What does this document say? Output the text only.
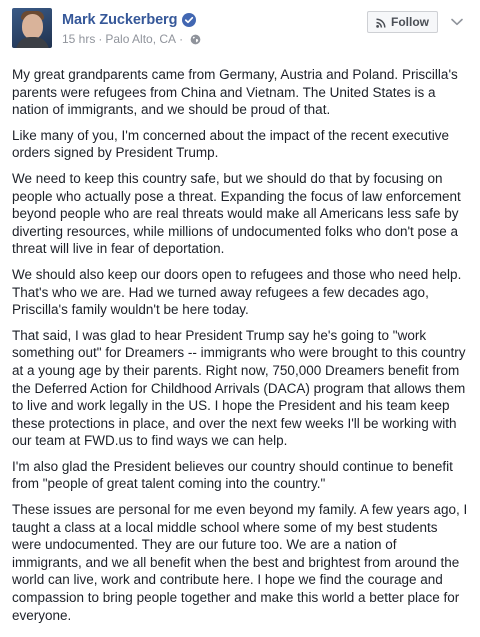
Mark Zuckerberg
15 hrs · Palo Alto, CA ·
Follow

My great grandparents came from Germany, Austria and Poland. Priscilla's parents were refugees from China and Vietnam. The United States is a nation of immigrants, and we should be proud of that.

Like many of you, I'm concerned about the impact of the recent executive orders signed by President Trump.

We need to keep this country safe, but we should do that by focusing on people who actually pose a threat. Expanding the focus of law enforcement beyond people who are real threats would make all Americans less safe by diverting resources, while millions of undocumented folks who don't pose a threat will live in fear of deportation.

We should also keep our doors open to refugees and those who need help. That's who we are. Had we turned away refugees a few decades ago, Priscilla's family wouldn't be here today.

That said, I was glad to hear President Trump say he's going to "work something out" for Dreamers -- immigrants who were brought to this country at a young age by their parents. Right now, 750,000 Dreamers benefit from the Deferred Action for Childhood Arrivals (DACA) program that allows them to live and work legally in the US. I hope the President and his team keep these protections in place, and over the next few weeks I'll be working with our team at FWD.us to find ways we can help.

I'm also glad the President believes our country should continue to benefit from "people of great talent coming into the country."

These issues are personal for me even beyond my family. A few years ago, I taught a class at a local middle school where some of my best students were undocumented. They are our future too. We are a nation of immigrants, and we all benefit when the best and brightest from around the world can live, work and contribute here. I hope we find the courage and compassion to bring people together and make this world a better place for everyone.
